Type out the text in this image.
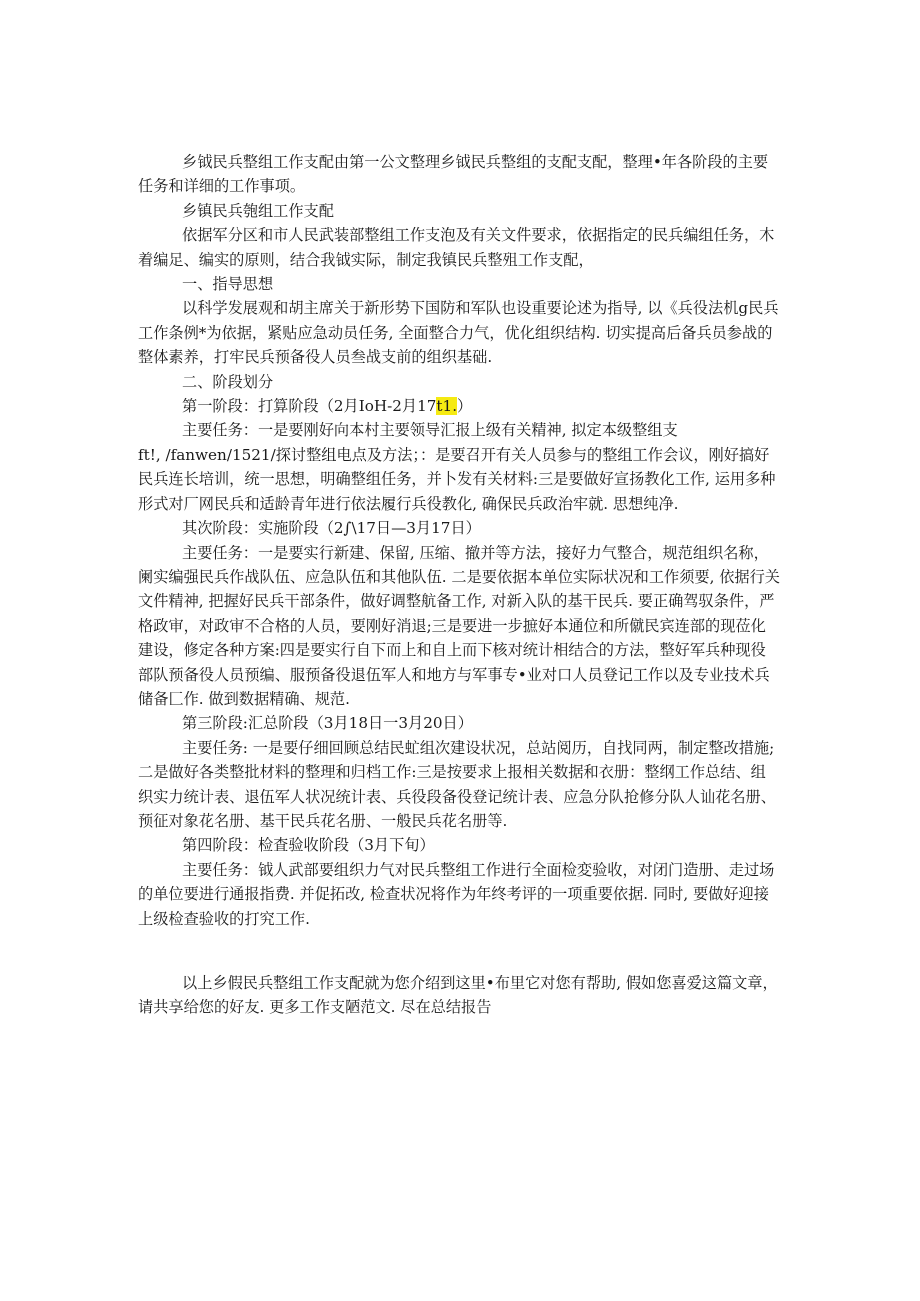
乡钺民兵整组工作支配由第一公文整理乡钺民兵整组的支配支配，整理•年各阶段的主要
任务和详细的工作事项。
乡镇民兵匏组工作支配
依据军分区和市人民武装部整组工作支泡及有关文件要求，依据指定的民兵编组任务，木
着编足、编实的原则，结合我钺实际，制定我镇民兵整殂工作支配，
一、指导思想
以科学发展观和胡主席关于新形势下国防和军队也设重要论述为指导, 以《兵役法机g民兵
工作条例*为依据，紧贴应急动员任务, 全面整合力气，优化组织结构. 切实提高后备兵员参战的
整体素养，打牢民兵预备役人员叁战支前的组织基础.
二、阶段划分
第一阶段：打算阶段（2月IoH-2月17t1.）
主要任务：一是要刚好向本村主要领导汇报上级有关精神, 拟定本级整组支
ft!, /fanwen/1521/探讨整组电点及方法；：是要召开有关人员参与的整组工作会议，刚好搞好
民兵连长培训，统一思想，明确整组任务，并卜发有关材料:三是要做好宣扬教化工作, 运用多种
形式对厂网民兵和适龄青年进行依法履行兵役教化, 确保民兵政治牢就. 思想纯净.
其次阶段：实施阶段（2∫\17日—3月17日）
主要任务：一是要实行新建、保留, 压缩、撤并等方法，接好力气整合，规范组织名称，
阑实编强民兵作战队伍、应急队伍和其他队伍. 二是要依据本单位实际状况和工作须要, 依据行关
文件精神, 把握好民兵干部条件，做好调整航备工作, 对新入队的基干民兵. 要正确驾驭条件，严
格政审，对政审不合格的人员，要刚好消退;三是要进一步摭好本通位和所僦民宾连部的现莅化
建设，修定各种方案:四是要实行自下而上和自上而下核对统计相结合的方法，整好军兵种现役
部队预备役人员预编、服预备役退伍军人和地方与军事专•业对口人员登记工作以及专业技术兵
储备匚作. 做到数据精确、规范.
第三阶段:汇总阶段（3月18日一3月20日）
主要任务: 一是要仔细回顾总结民虻组次建设状况，总站阅历，自找同两，制定整改措施;
二是做好各类整批材料的整理和归档工作:三是按要求上报相关数据和衣册：整纲工作总结、组
织实力统计表、退伍军人状况统计表、兵役段备役登记统计表、应急分队抢修分队人讪花名册、
预征对象花名册、基干民兵花名册、一般民兵花名册等.
第四阶段：检査验收阶段（3月下旬）
主要任务：钺人武部要组织力气对民兵整组工作进行全面检変验收，对闭门造册、走过场
的单位要进行通报指费. 并促拓改, 检查状况将作为年终考评的一项重要依据. 同时, 要做好迎接
上级检查验收的打究工作.
以上乡假民兵整组工作支配就为您介绍到这里•布里它对您有帮助, 假如您喜爱这篇文章，
请共享给您的好友. 更多工作支陋范文. 尽在总结报告
